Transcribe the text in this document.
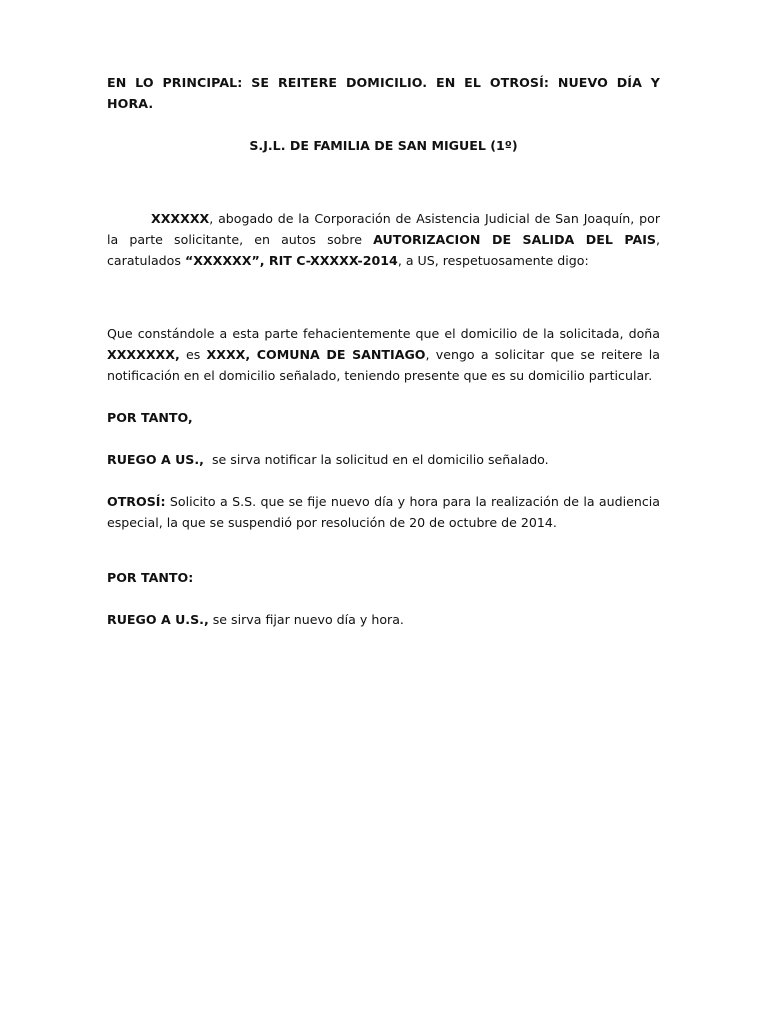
EN LO PRINCIPAL: SE REITERE DOMICILIO. EN EL OTROSÍ: NUEVO DÍA Y HORA.

S.J.L. DE FAMILIA DE SAN MIGUEL (1º)

XXXXXX, abogado de la Corporación de Asistencia Judicial de San Joaquín, por la parte solicitante, en autos sobre AUTORIZACION DE SALIDA DEL PAIS, caratulados “XXXXXX”, RIT C-XXXXX-2014, a US, respetuosamente digo:

Que constándole a esta parte fehacientemente que el domicilio de la solicitada, doña XXXXXXX, es XXXX, COMUNA DE SANTIAGO, vengo a solicitar que se reitere la notificación en el domicilio señalado, teniendo presente que es su domicilio particular.

POR TANTO,

RUEGO A US.,  se sirva notificar la solicitud en el domicilio señalado.

OTROSÍ: Solicito a S.S. que se fije nuevo día y hora para la realización de la audiencia especial, la que se suspendió por resolución de 20 de octubre de 2014.

POR TANTO:

RUEGO A U.S., se sirva fijar nuevo día y hora.
